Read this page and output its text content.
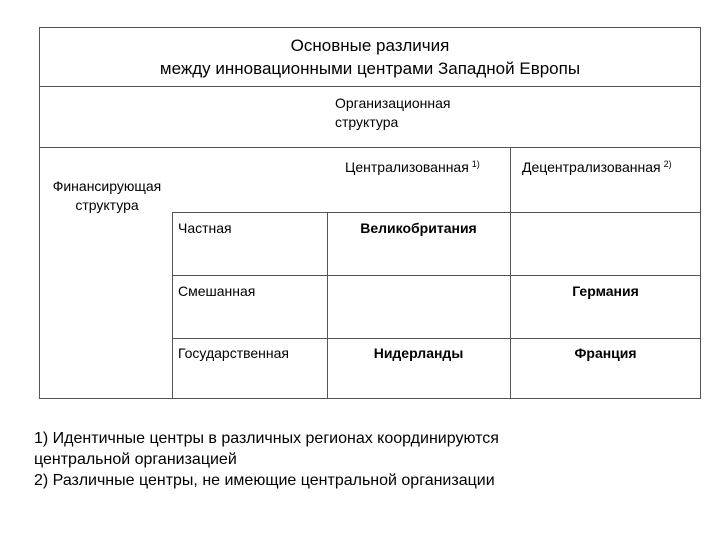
Основные различия
между инновационными центрами Западной Европы
Организационная
структура
Централизованная $^{1)}$	Децентрализованная $^{2)}$
Финансирующая
структура
Частная
Смешанная
Государственная
Великобритания
Германия
Нидерланды	Франция
1) Идентичные центры в различных регионах координируются
центральной организацией
2) Различные центры, не имеющие центральной организации
